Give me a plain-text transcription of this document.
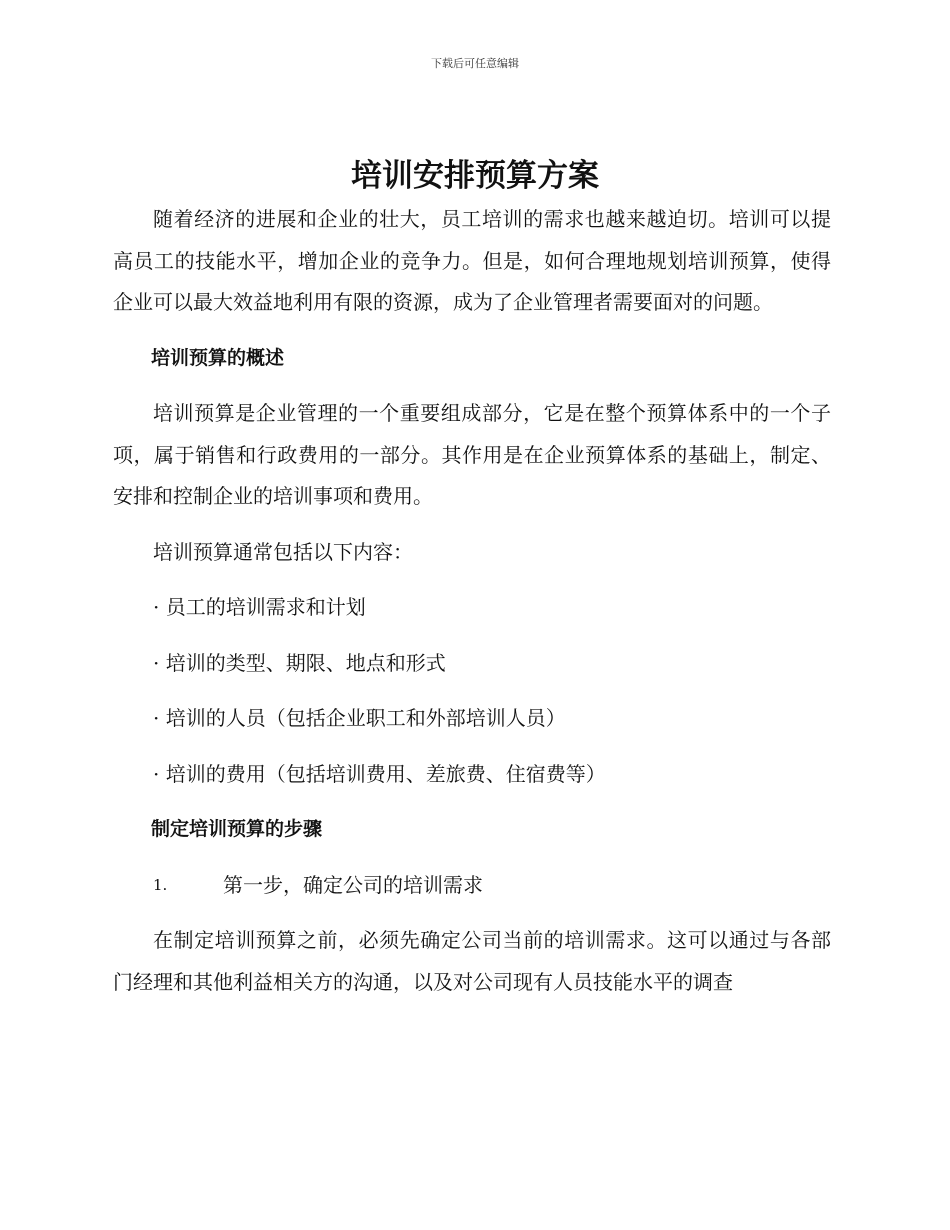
下载后可任意编辑
培训安排预算方案

随着经济的进展和企业的壮大，员工培训的需求也越来越迫切。培训可以提高员工的技能水平，增加企业的竞争力。但是，如何合理地规划培训预算，使得企业可以最大效益地利用有限的资源，成为了企业管理者需要面对的问题。

培训预算的概述

培训预算是企业管理的一个重要组成部分，它是在整个预算体系中的一个子项，属于销售和行政费用的一部分。其作用是在企业预算体系的基础上，制定、安排和控制企业的培训事项和费用。

培训预算通常包括以下内容：

· 员工的培训需求和计划

· 培训的类型、期限、地点和形式

· 培训的人员（包括企业职工和外部培训人员）

· 培训的费用（包括培训费用、差旅费、住宿费等）

制定培训预算的步骤

1.	第一步，确定公司的培训需求

在制定培训预算之前，必须先确定公司当前的培训需求。这可以通过与各部门经理和其他利益相关方的沟通，以及对公司现有人员技能水平的调查
